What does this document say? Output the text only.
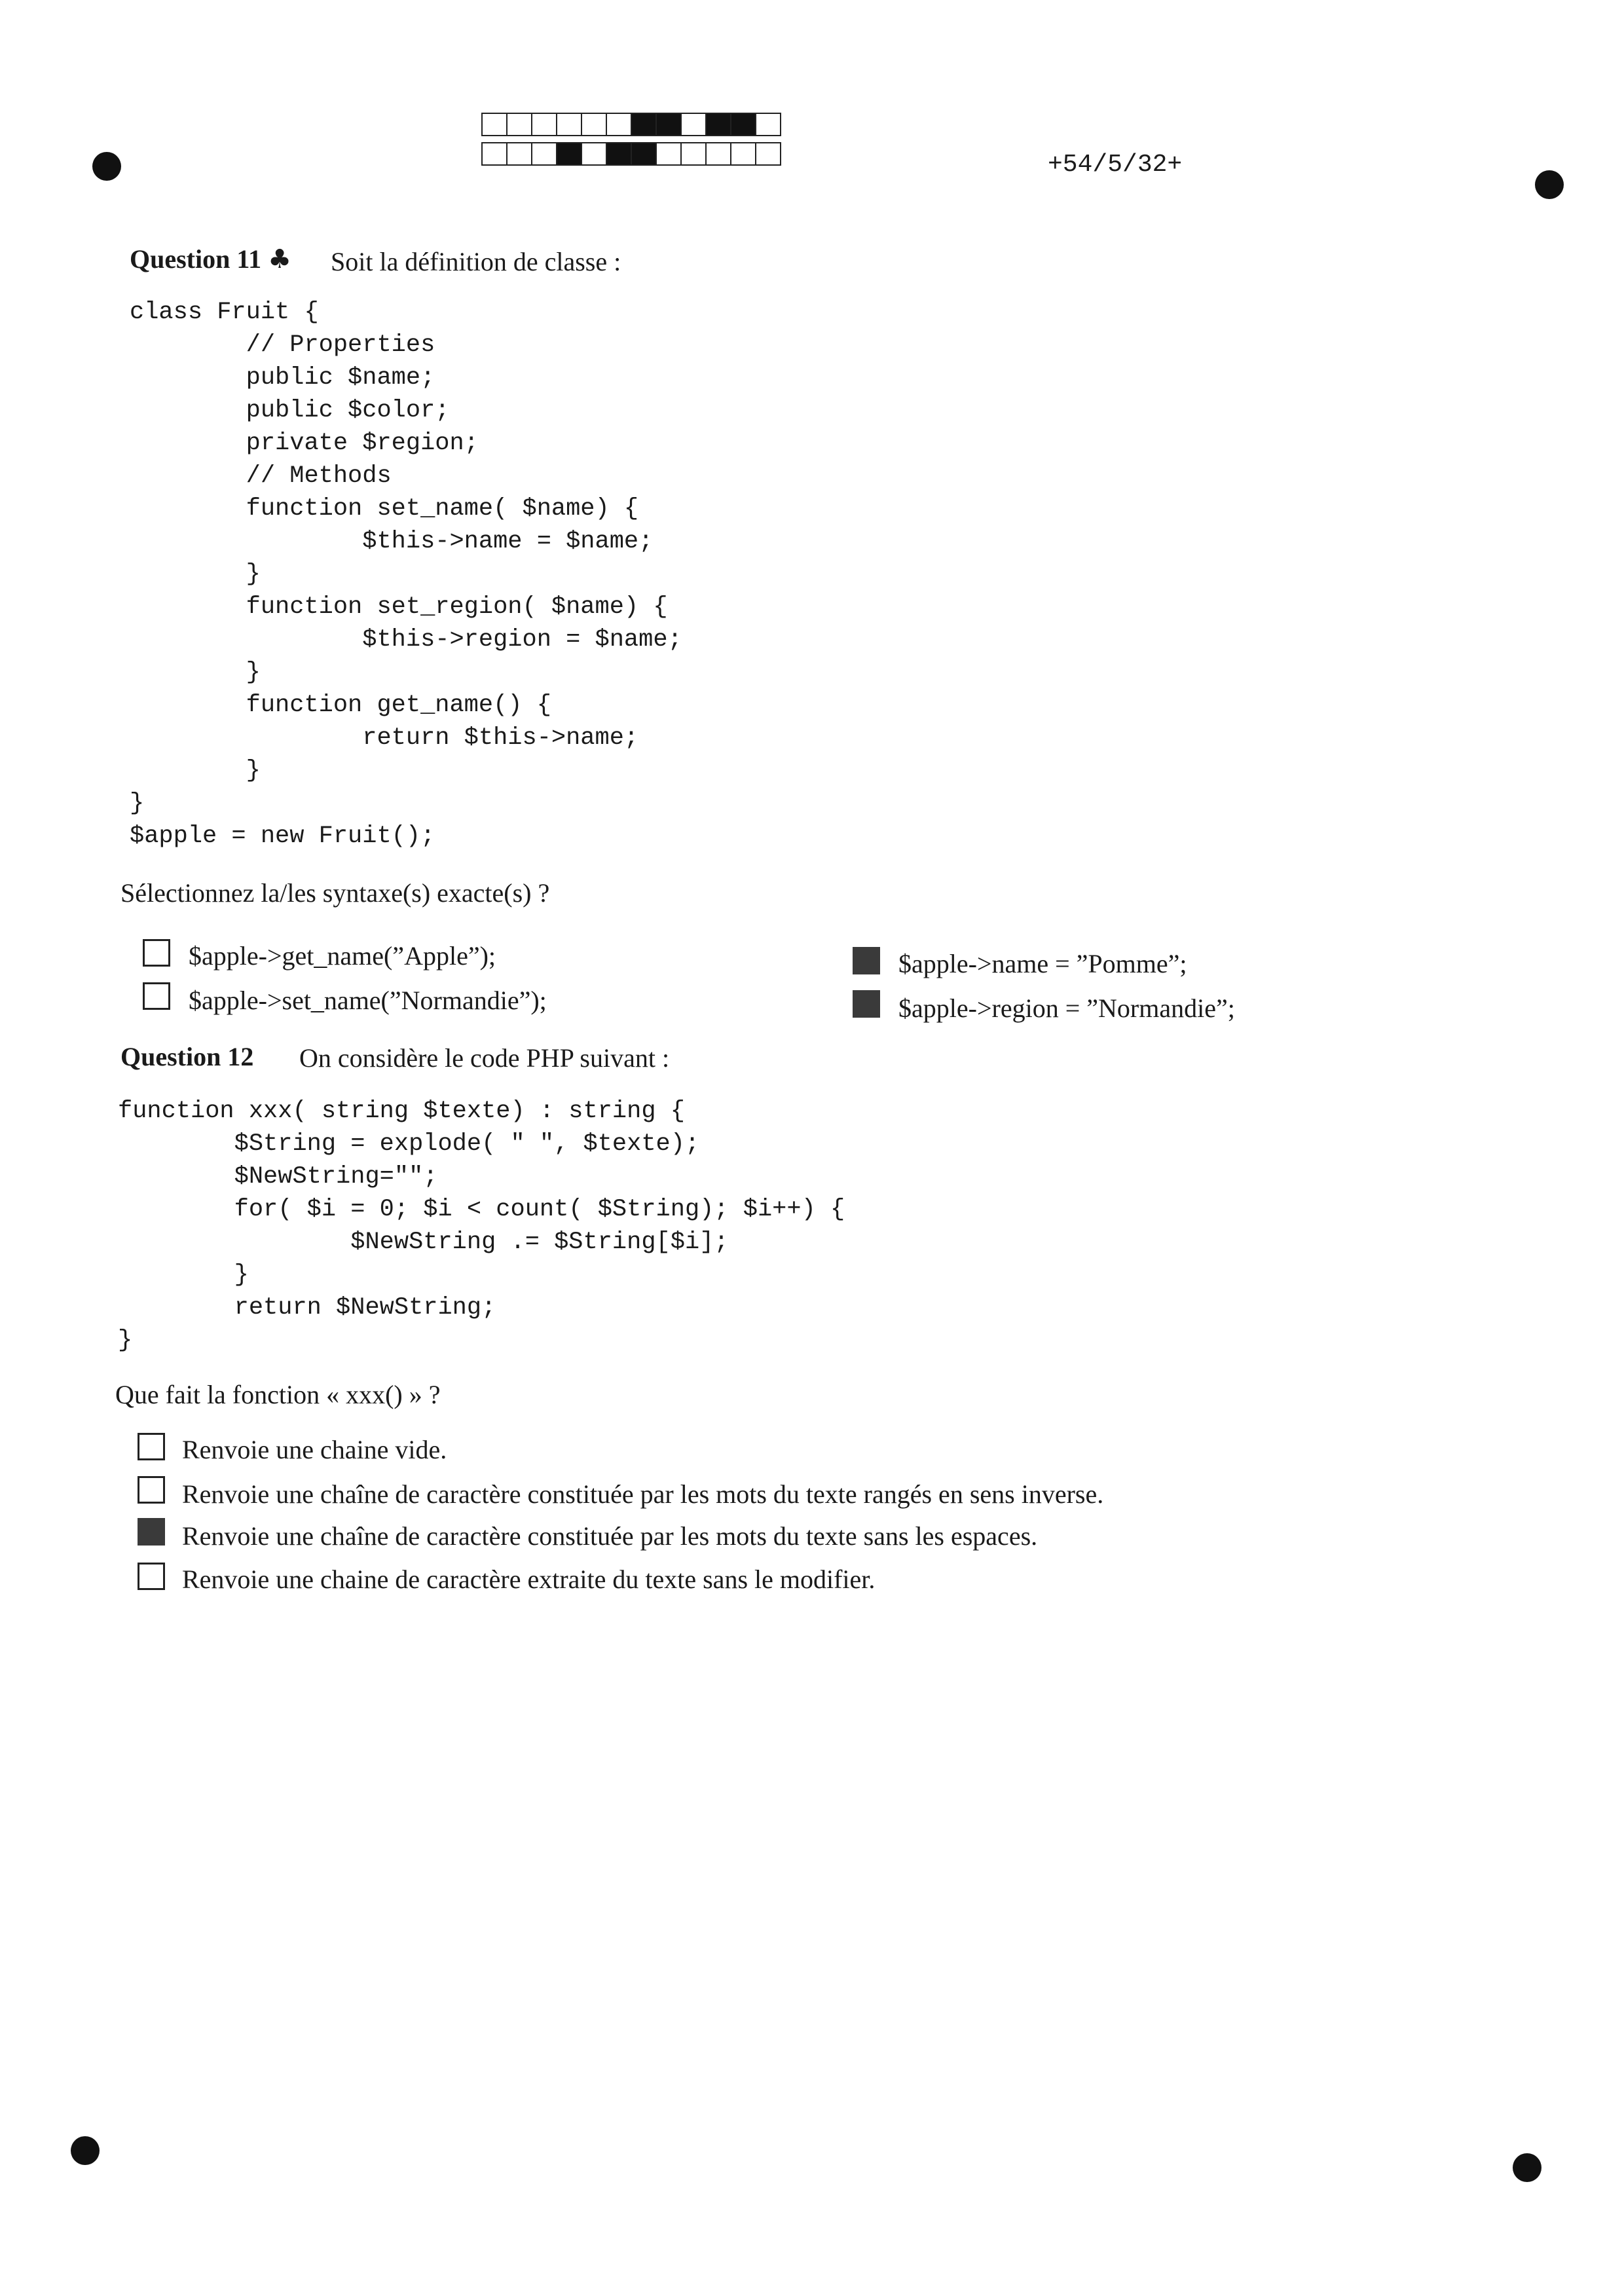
+54/5/32+
Question 11 ♣ Soit la définition de classe :
class Fruit {
// Properties
public $name;
public $color;
private $region;
// Methods
function set_name( $name) {
$this->name = $name;
}
function set_region( $name) {
$this->region = $name;
}
function get_name() {
return $this->name;
}
}
$apple = new Fruit();
Sélectionnez la/les syntaxe(s) exacte(s) ?
$apple->get_name(”Apple”);
$apple->set_name(”Normandie”);
$apple->name = ”Pomme”;
$apple->region = ”Normandie”;
Question 12 On considère le code PHP suivant :
function xxx( string $texte) : string {
$String = explode( " ", $texte);
$NewString="";
for( $i = 0; $i < count( $String); $i++) {
$NewString .= $String[$i];
}
return $NewString;
}
Que fait la fonction « xxx() » ?
Renvoie une chaine vide.
Renvoie une chaîne de caractère constituée par les mots du texte rangés en sens inverse.
Renvoie une chaîne de caractère constituée par les mots du texte sans les espaces.
Renvoie une chaine de caractère extraite du texte sans le modifier.
